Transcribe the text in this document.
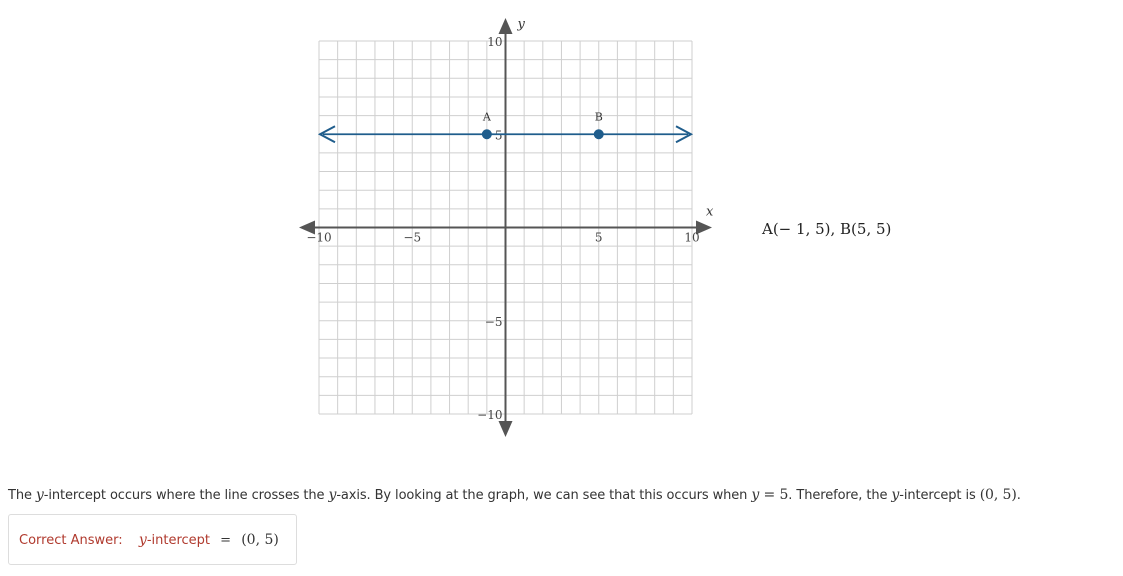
x
y
−10	−5	5	10
10
5
−5
−10
A	B
A(− 1, 5), B(5, 5)
The y-intercept occurs where the line crosses the y-axis. By looking at the graph, we can see that this occurs when y = 5. Therefore, the y-intercept is (0, 5).
Correct Answer: y-intercept = (0, 5)
